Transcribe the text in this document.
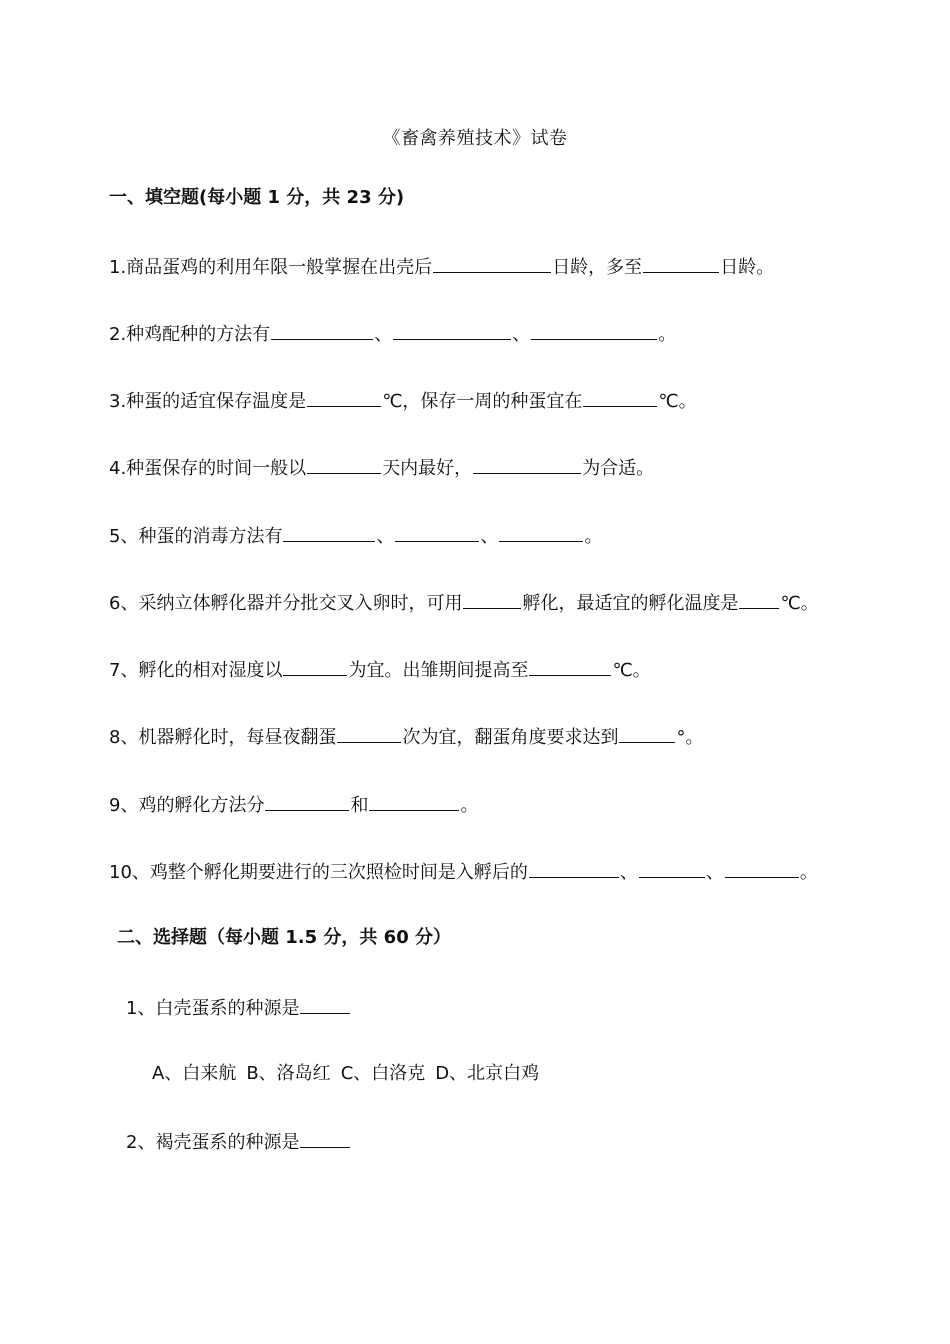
《畜禽养殖技术》试卷
一、填空题(每小题 1 分，共 23 分)
1.商品蛋鸡的利用年限一般掌握在出壳后	日龄，多至	日龄。
2.种鸡配种的方法有	、	、	。
3.种蛋的适宜保存温度是	℃，保存一周的种蛋宜在	℃。
4.种蛋保存的时间一般以	天内最好，	为合适。
5、种蛋的消毒方法有	、	、	。
6、采纳立体孵化器并分批交叉入卵时，可用	孵化，最适宜的孵化温度是 ℃。
7、孵化的相对湿度以	为宜。出雏期间提高至	℃。
8、机器孵化时，每昼夜翻蛋	次为宜，翻蛋角度要求达到	°。
9、鸡的孵化方法分	和	。
10、鸡整个孵化期要进行的三次照检时间是入孵后的	、	、	。
二、选择题（每小题 1.5 分，共 60 分）
1、白壳蛋系的种源是
A、白来航 B、洛岛红 C、白洛克 D、北京白鸡
2、褐壳蛋系的种源是
